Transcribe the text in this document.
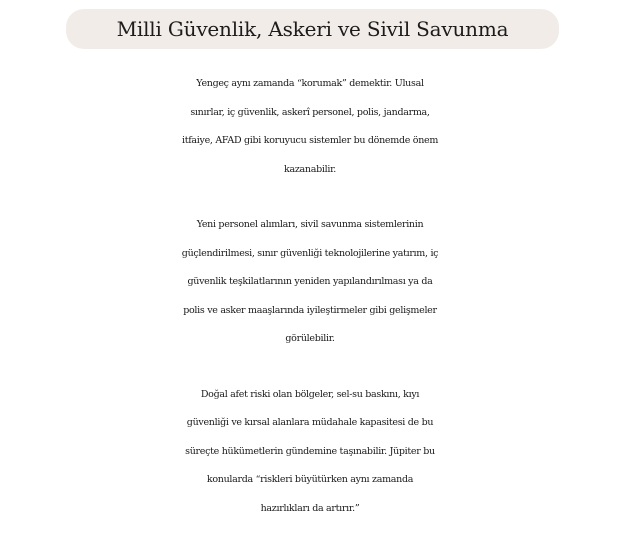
Milli Güvenlik, Askeri ve Sivil Savunma

Yengeç aynı zamanda “korumak” demektir. Ulusal
sınırlar, iç güvenlik, askerî personel, polis, jandarma,
itfaiye, AFAD gibi koruyucu sistemler bu dönemde önem
kazanabilir.

Yeni personel alımları, sivil savunma sistemlerinin
güçlendirilmesi, sınır güvenliği teknolojilerine yatırım, iç
güvenlik teşkilatlarının yeniden yapılandırılması ya da
polis ve asker maaşlarında iyileştirmeler gibi gelişmeler
görülebilir.

Doğal afet riski olan bölgeler, sel-su baskını, kıyı
güvenliği ve kırsal alanlara müdahale kapasitesi de bu
süreçte hükümetlerin gündemine taşınabilir. Jüpiter bu
konularda “riskleri büyütürken aynı zamanda
hazırlıkları da artırır.”
